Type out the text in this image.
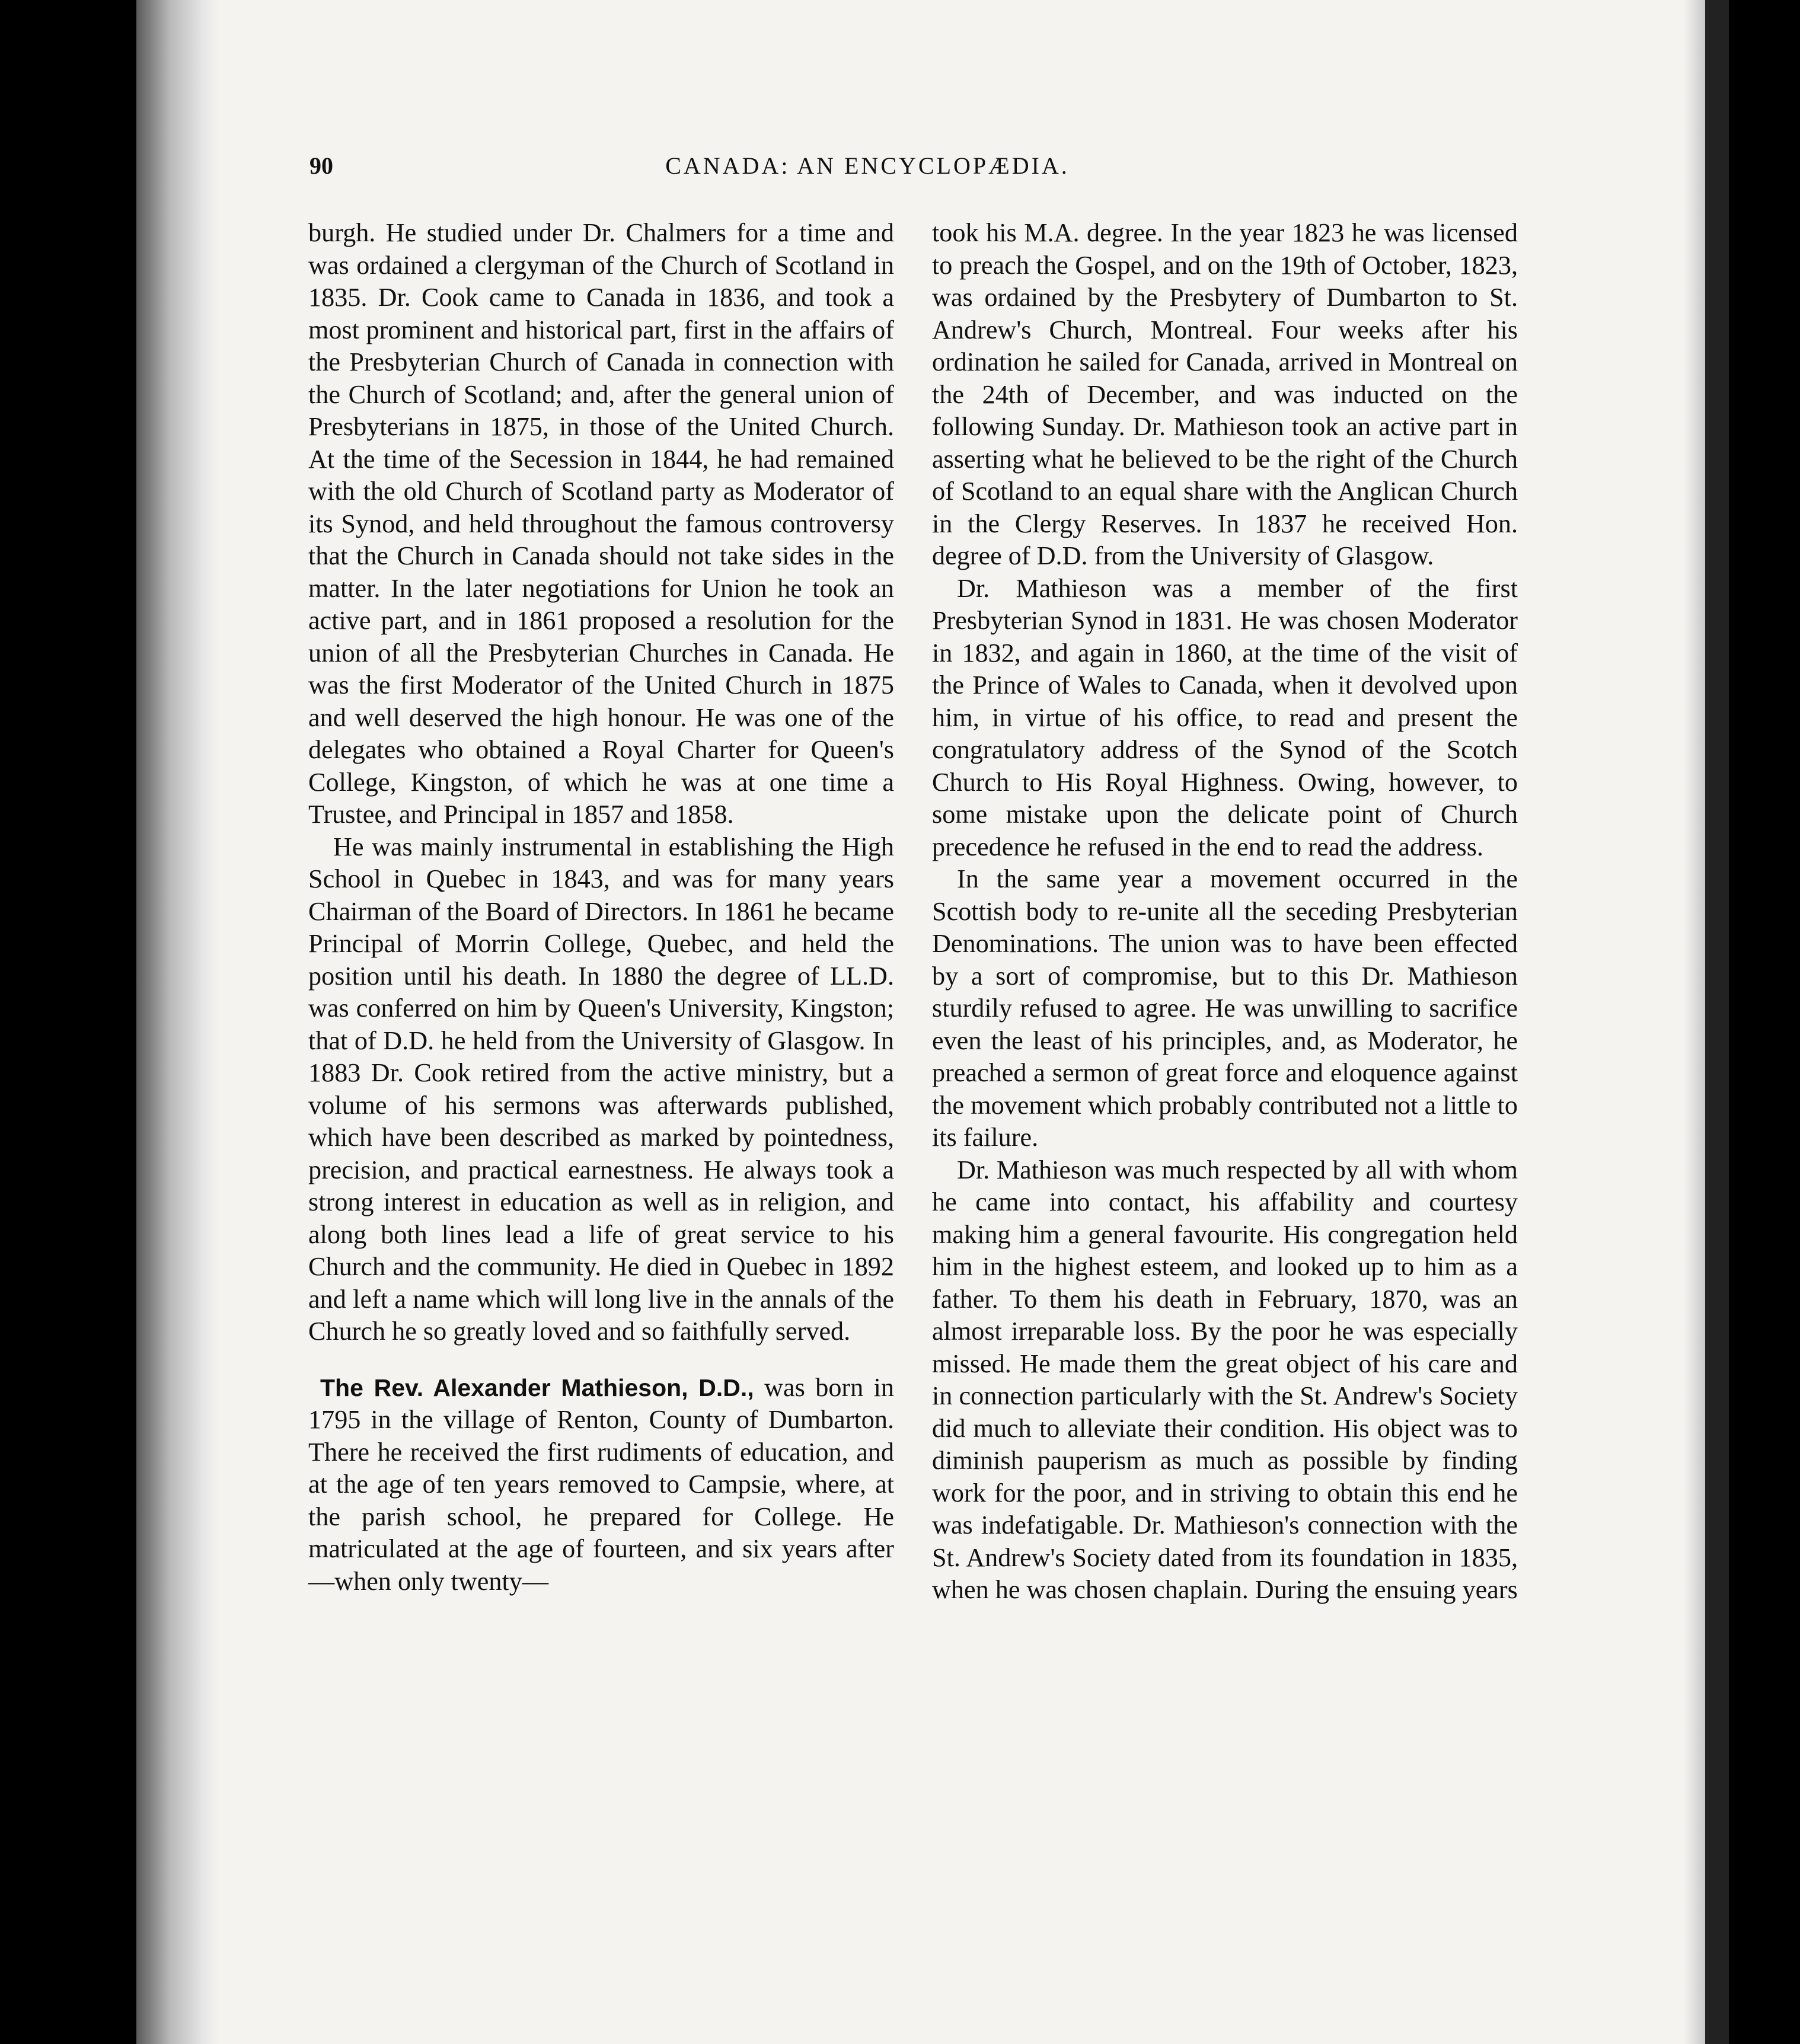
90	CANADA: AN ENCYCLOPÆDIA.

burgh. He studied under Dr. Chalmers for a time and was ordained a clergyman of the Church of Scotland in 1835. Dr. Cook came to Canada in 1836, and took a most prominent and historical part, first in the affairs of the Presbyterian Church of Canada in connection with the Church of Scotland; and, after the general union of Presbyterians in 1875, in those of the United Church. At the time of the Secession in 1844, he had remained with the old Church of Scotland party as Moderator of its Synod, and held throughout the famous controversy that the Church in Canada should not take sides in the matter. In the later negotiations for Union he took an active part, and in 1861 proposed a resolution for the union of all the Presbyterian Churches in Canada. He was the first Moderator of the United Church in 1875 and well deserved the high honour. He was one of the delegates who obtained a Royal Charter for Queen's College, Kingston, of which he was at one time a Trustee, and Principal in 1857 and 1858.

He was mainly instrumental in establishing the High School in Quebec in 1843, and was for many years Chairman of the Board of Directors. In 1861 he became Principal of Morrin College, Quebec, and held the position until his death. In 1880 the degree of LL.D. was conferred on him by Queen's University, Kingston; that of D.D. he held from the University of Glasgow. In 1883 Dr. Cook retired from the active ministry, but a volume of his sermons was afterwards published, which have been described as marked by pointedness, precision, and practical earnestness. He always took a strong interest in education as well as in religion, and along both lines lead a life of great service to his Church and the community. He died in Quebec in 1892 and left a name which will long live in the annals of the Church he so greatly loved and so faithfully served.

The Rev. Alexander Mathieson, D.D., was born in 1795 in the village of Renton, County of Dumbarton. There he received the first rudiments of education, and at the age of ten years removed to Campsie, where, at the parish school, he prepared for College. He matriculated at the age of fourteen, and six years after—when only twenty—

took his M.A. degree. In the year 1823 he was licensed to preach the Gospel, and on the 19th of October, 1823, was ordained by the Presbytery of Dumbarton to St. Andrew's Church, Montreal. Four weeks after his ordination he sailed for Canada, arrived in Montreal on the 24th of December, and was inducted on the following Sunday. Dr. Mathieson took an active part in asserting what he believed to be the right of the Church of Scotland to an equal share with the Anglican Church in the Clergy Reserves. In 1837 he received Hon. degree of D.D. from the University of Glasgow.

Dr. Mathieson was a member of the first Presbyterian Synod in 1831. He was chosen Moderator in 1832, and again in 1860, at the time of the visit of the Prince of Wales to Canada, when it devolved upon him, in virtue of his office, to read and present the congratulatory address of the Synod of the Scotch Church to His Royal Highness. Owing, however, to some mistake upon the delicate point of Church precedence he refused in the end to read the address.

In the same year a movement occurred in the Scottish body to re-unite all the seceding Presbyterian Denominations. The union was to have been effected by a sort of compromise, but to this Dr. Mathieson sturdily refused to agree. He was unwilling to sacrifice even the least of his principles, and, as Moderator, he preached a sermon of great force and eloquence against the movement which probably contributed not a little to its failure.

Dr. Mathieson was much respected by all with whom he came into contact, his affability and courtesy making him a general favourite. His congregation held him in the highest esteem, and looked up to him as a father. To them his death in February, 1870, was an almost irreparable loss. By the poor he was especially missed. He made them the great object of his care and in connection particularly with the St. Andrew's Society did much to alleviate their condition. His object was to diminish pauperism as much as possible by finding work for the poor, and in striving to obtain this end he was indefatigable. Dr. Mathieson's connection with the St. Andrew's Society dated from its foundation in 1835, when he was chosen chaplain. During the ensuing years
